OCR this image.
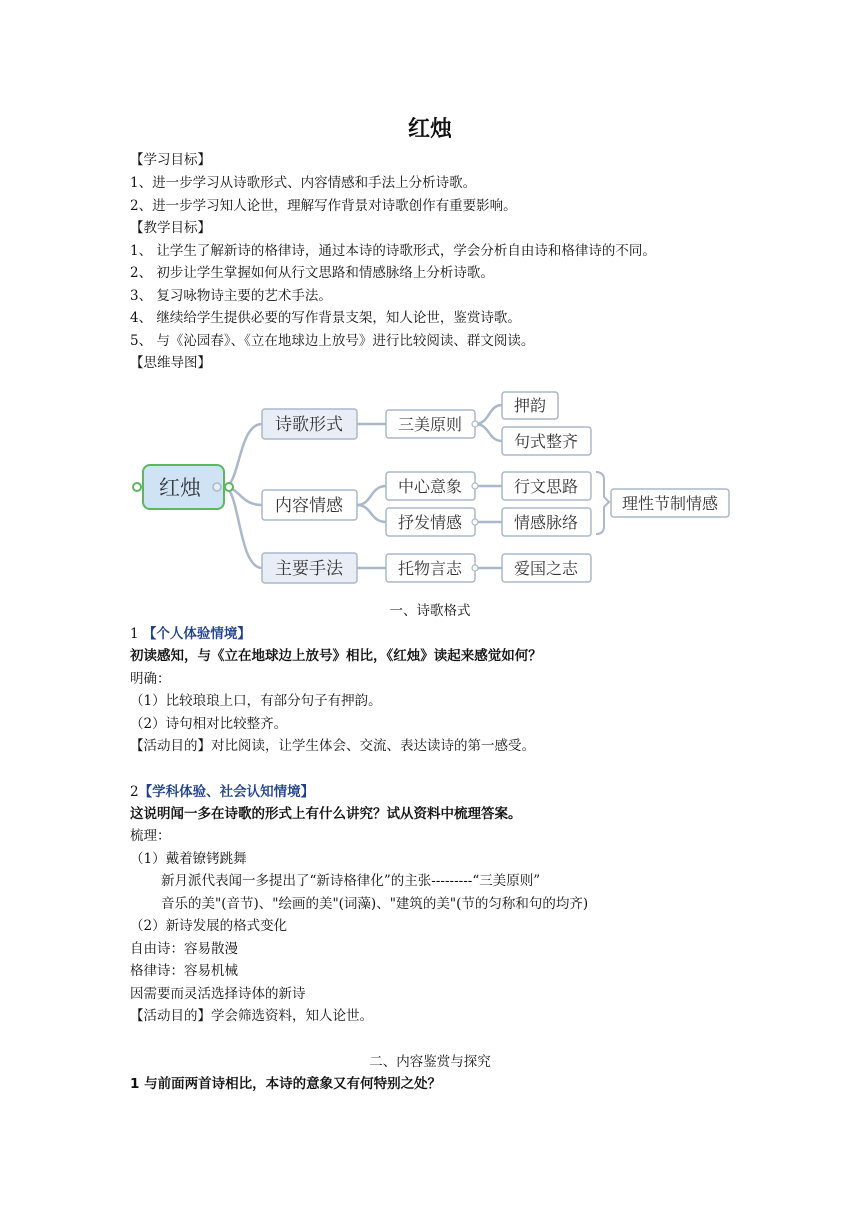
红烛
【学习目标】
1、进一步学习从诗歌形式、内容情感和手法上分析诗歌。
2、进一步学习知人论世，理解写作背景对诗歌创作有重要影响。
【教学目标】
1、 让学生了解新诗的格律诗，通过本诗的诗歌形式，学会分析自由诗和格律诗的不同。
2、 初步让学生掌握如何从行文思路和情感脉络上分析诗歌。
3、 复习咏物诗主要的艺术手法。
4、 继续给学生提供必要的写作背景支架，知人论世，鉴赏诗歌。
5、 与《沁园春》、《立在地球边上放号》进行比较阅读、群文阅读。
【思维导图】
红烛
诗歌形式
内容情感
主要手法
三美原则
中心意象
抒发情感
托物言志
押韵
句式整齐
行文思路
情感脉络
爱国之志
理性节制情感
一、诗歌格式
1 【个人体验情境】
初读感知，与《立在地球边上放号》相比，《红烛》读起来感觉如何？
明确：
（1）比较琅琅上口，有部分句子有押韵。
（2）诗句相对比较整齐。
【活动目的】对比阅读，让学生体会、交流、表达读诗的第一感受。
2【学科体验、社会认知情境】
这说明闻一多在诗歌的形式上有什么讲究？试从资料中梳理答案。
梳理：
（1）戴着镣铐跳舞
新月派代表闻一多提出了“新诗格律化”的主张---------“三美原则”
音乐的美"(音节)、"绘画的美"(词藻)、"建筑的美"(节的匀称和句的均齐)
（2）新诗发展的格式变化
自由诗：容易散漫
格律诗：容易机械
因需要而灵活选择诗体的新诗
【活动目的】学会筛选资料，知人论世。
二、内容鉴赏与探究
1 与前面两首诗相比，本诗的意象又有何特别之处？
